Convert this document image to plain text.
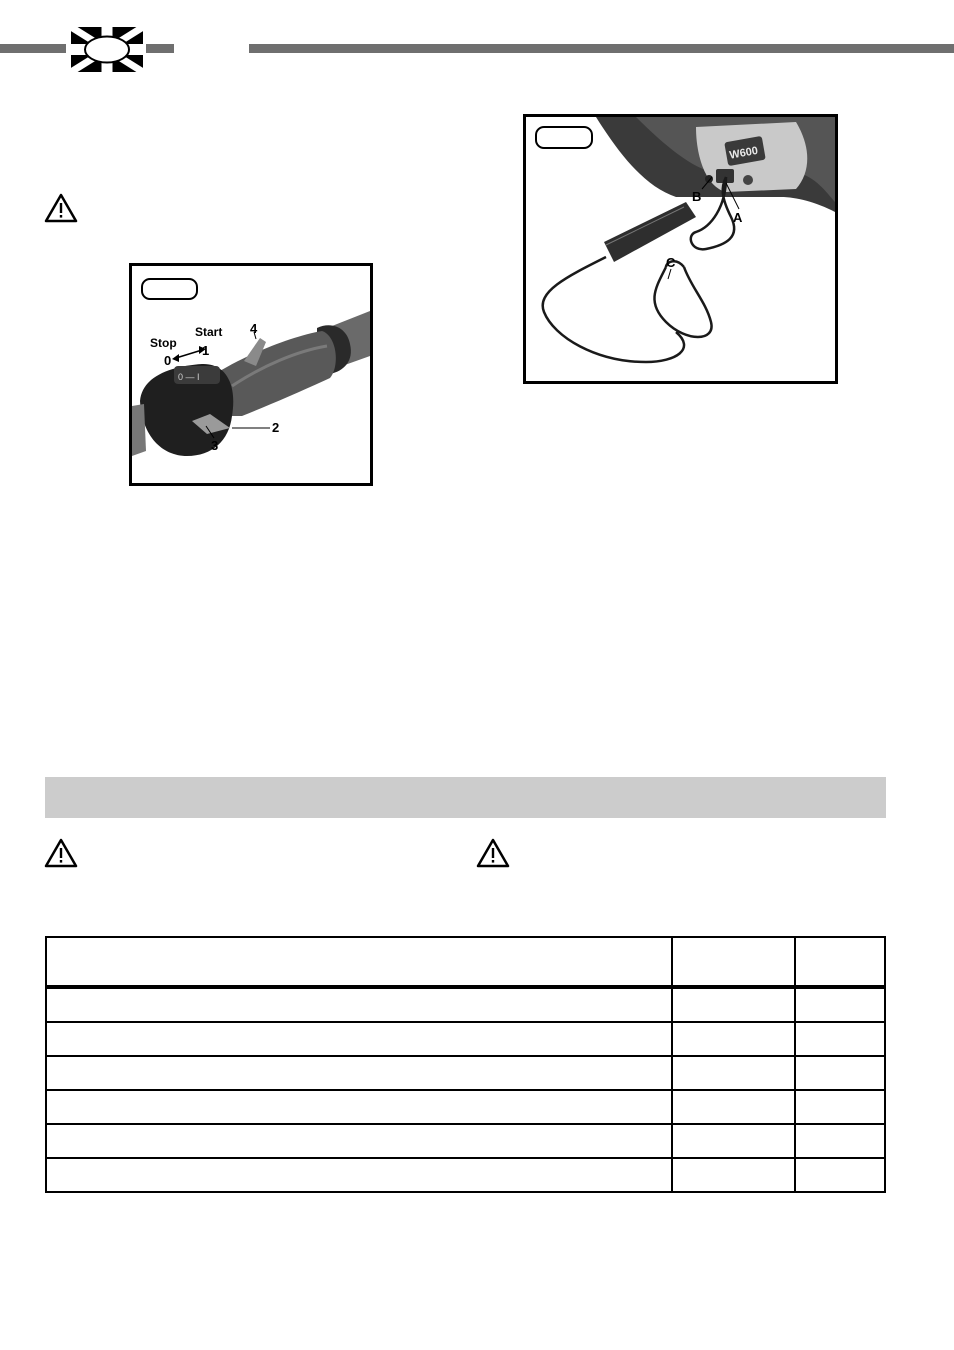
0 — I
Stop
Start
0
1
4
2
3
W600
B
A
C
